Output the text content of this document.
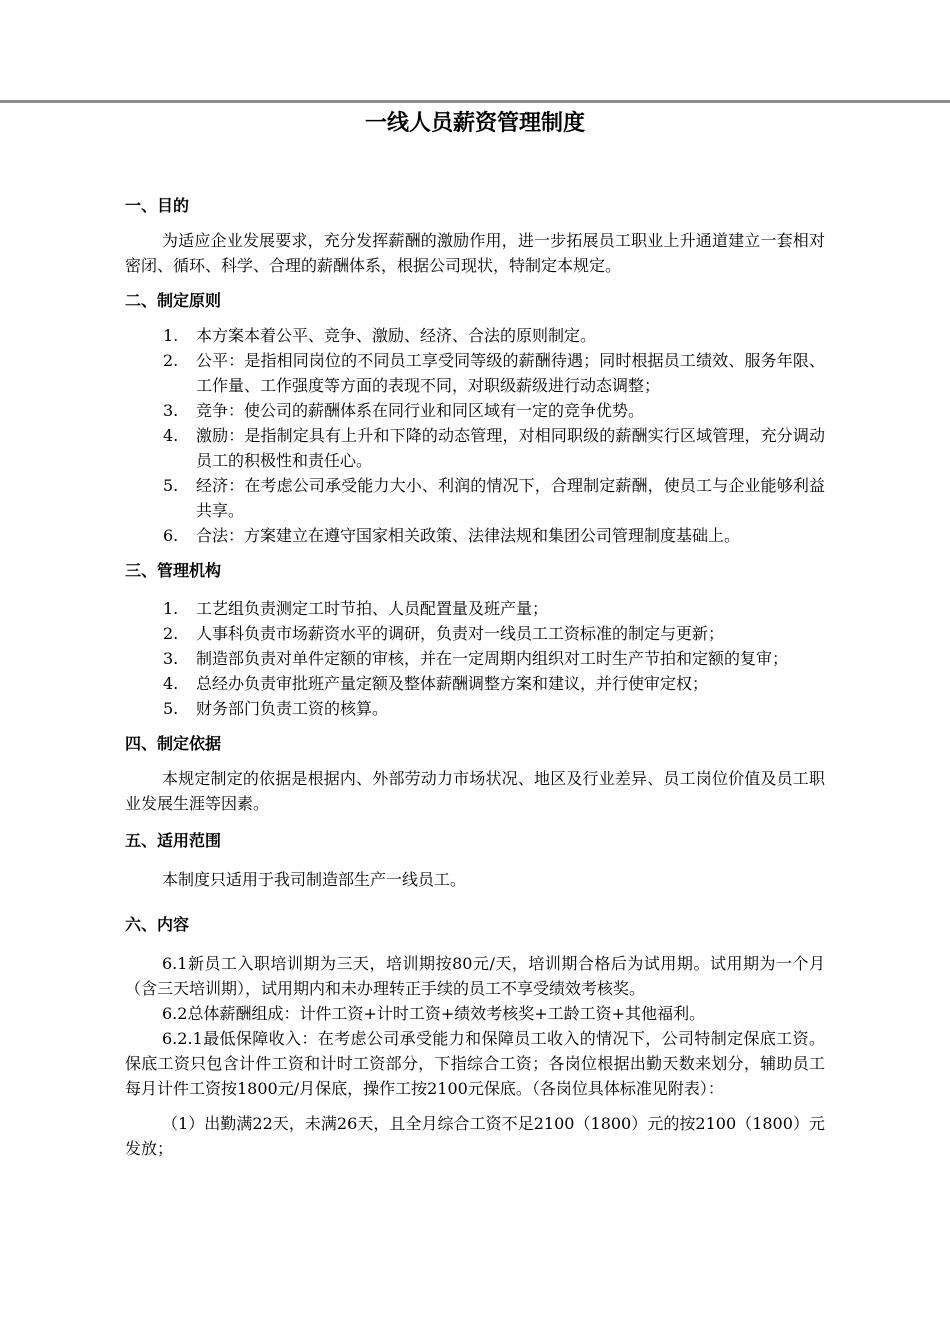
一线人员薪资管理制度
一、目的

为适应企业发展要求，充分发挥薪酬的激励作用，进一步拓展员工职业上升通道建立一套相对密闭、循环、科学、合理的薪酬体系，根据公司现状，特制定本规定。

二、制定原则
1.	本方案本着公平、竞争、激励、经济、合法的原则制定。
2.	公平：是指相同岗位的不同员工享受同等级的薪酬待遇；同时根据员工绩效、服务年限、工作量、工作强度等方面的表现不同，对职级薪级进行动态调整；
3.	竞争：使公司的薪酬体系在同行业和同区域有一定的竞争优势。
4.	激励：是指制定具有上升和下降的动态管理，对相同职级的薪酬实行区域管理，充分调动员工的积极性和责任心。
5.	经济：在考虑公司承受能力大小、利润的情况下，合理制定薪酬，使员工与企业能够利益共享。
6.	合法：方案建立在遵守国家相关政策、法律法规和集团公司管理制度基础上。
三、管理机构
1.	工艺组负责测定工时节拍、人员配置量及班产量；
2.	人事科负责市场薪资水平的调研，负责对一线员工工资标准的制定与更新；
3.	制造部负责对单件定额的审核，并在一定周期内组织对工时生产节拍和定额的复审；
4.	总经办负责审批班产量定额及整体薪酬调整方案和建议，并行使审定权；
5.	财务部门负责工资的核算。
四、制定依据

本规定制定的依据是根据内、外部劳动力市场状况、地区及行业差异、员工岗位价值及员工职业发展生涯等因素。

五、适用范围

本制度只适用于我司制造部生产一线员工。

六、内容

6.1新员工入职培训期为三天，培训期按80元/天，培训期合格后为试用期。试用期为一个月（含三天培训期），试用期内和未办理转正手续的员工不享受绩效考核奖。

6.2总体薪酬组成：计件工资+计时工资+绩效考核奖+工龄工资+其他福利。

6.2.1最低保障收入：在考虑公司承受能力和保障员工收入的情况下，公司特制定保底工资。保底工资只包含计件工资和计时工资部分，下指综合工资；各岗位根据出勤天数来划分，辅助员工每月计件工资按1800元/月保底，操作工按2100元保底。（各岗位具体标准见附表）：

（1）出勤满22天，未满26天，且全月综合工资不足2100（1800）元的按2100（1800）元发放；
